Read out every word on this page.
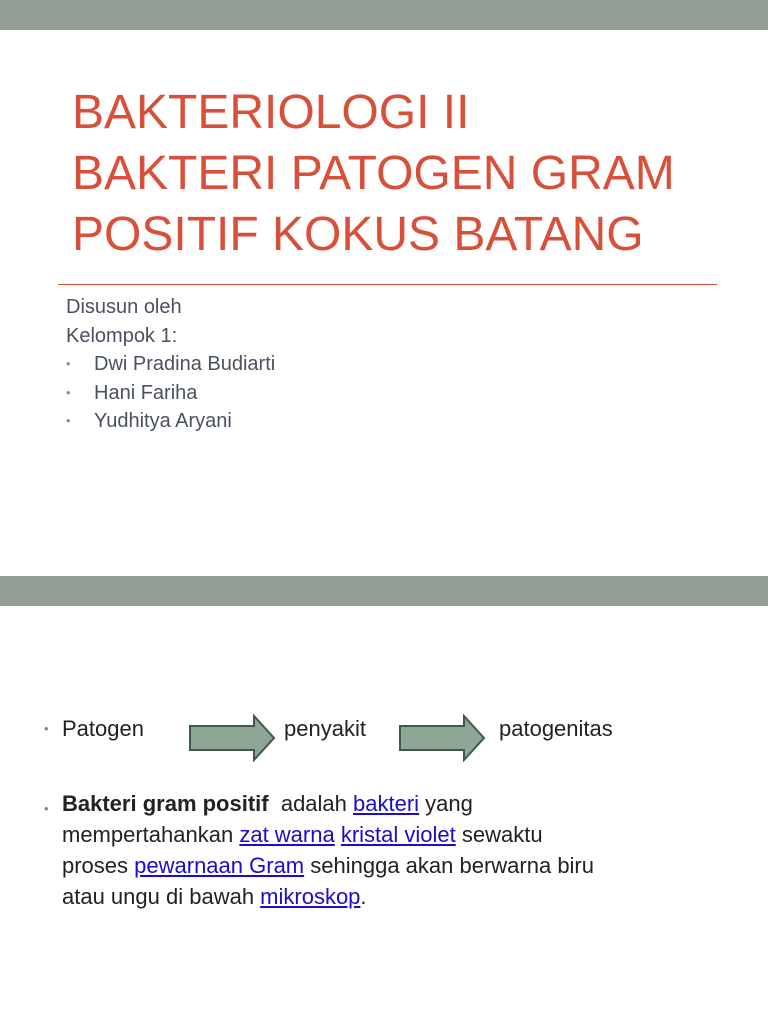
BAKTERIOLOGI II
BAKTERI PATOGEN GRAM
POSITIF KOKUS BATANG
Disusun oleh
Kelompok 1:
• Dwi Pradina Budiarti
• Hani Fariha
• Yudhitya Aryani
• Patogen	penyakit	patogenitas
• Bakteri gram positif  adalah bakteri yang
mempertahankan zat warna kristal violet sewaktu
proses pewarnaan Gram sehingga akan berwarna biru
atau ungu di bawah mikroskop.
